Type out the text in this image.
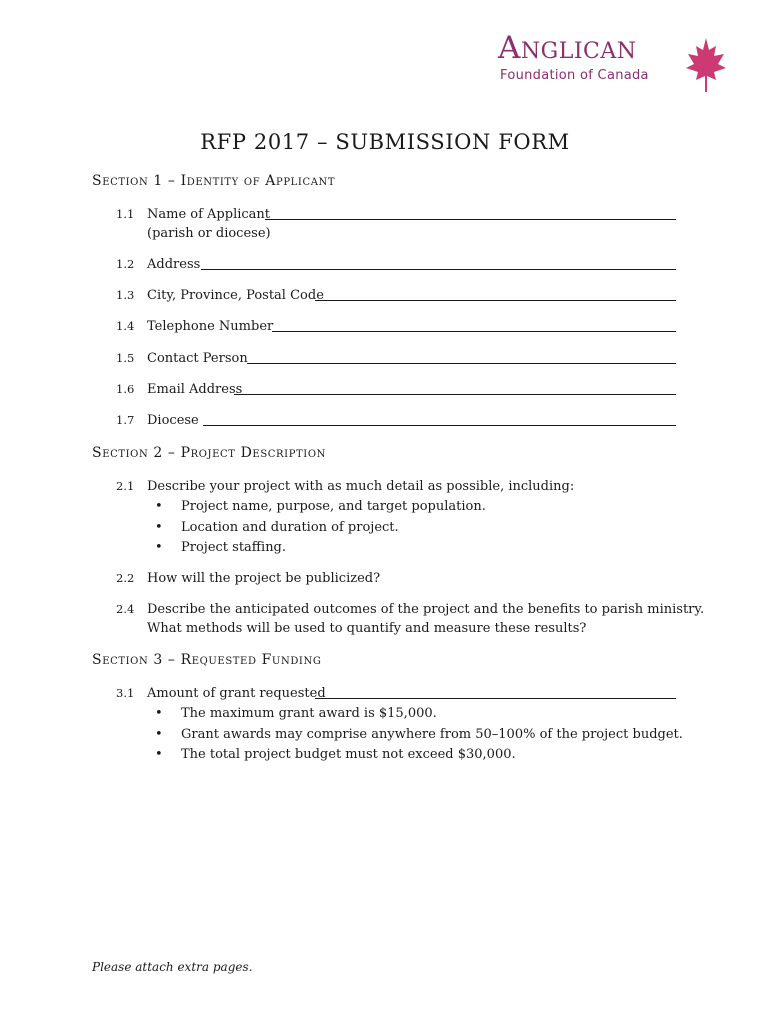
Anglican
Foundation of Canada
RFP 2017 – SUBMISSION FORM
Section 1 – Identity of Applicant
1.1 Name of Applicant
(parish or diocese)
1.2 Address
1.3 City, Province, Postal Code
1.4 Telephone Number
1.5 Contact Person
1.6 Email Address
1.7 Diocese
Section 2 – Project Description
2.1 Describe your project with as much detail as possible, including:
• Project name, purpose, and target population.
• Location and duration of project.
• Project staffing.
2.2 How will the project be publicized?
2.4 Describe the anticipated outcomes of the project and the benefits to parish ministry.
What methods will be used to quantify and measure these results?
Section 3 – Requested Funding
3.1 Amount of grant requested
• The maximum grant award is $15,000.
• Grant awards may comprise anywhere from 50–100% of the project budget.
• The total project budget must not exceed $30,000.
Please attach extra pages.
